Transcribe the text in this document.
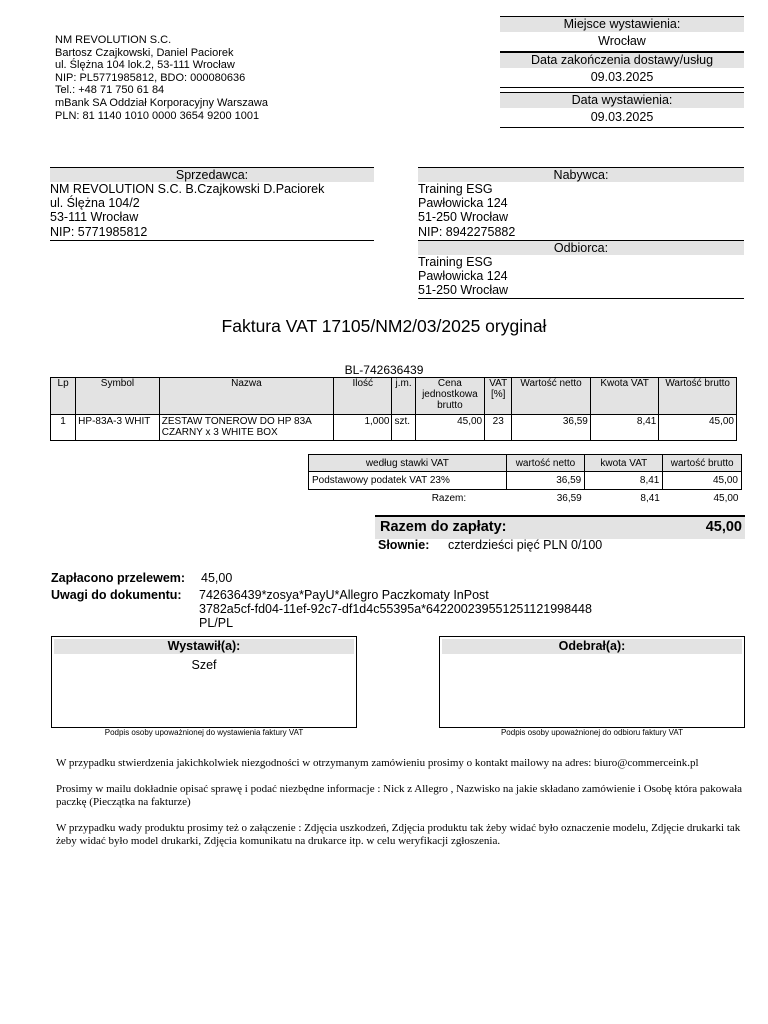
NM REVOLUTION S.C.
Bartosz Czajkowski, Daniel Paciorek
ul. Ślężna 104 lok.2, 53-111 Wrocław
NIP: PL5771985812, BDO: 000080636
Tel.: +48 71 750 61 84
mBank SA Oddział Korporacyjny Warszawa
PLN: 81 1140 1010 0000 3654 9200 1001
Miejsce wystawienia:
Wrocław
Data zakończenia dostawy/usług
09.03.2025
Data wystawienia:
09.03.2025
Sprzedawca:
NM REVOLUTION S.C. B.Czajkowski D.Paciorek
ul. Ślężna 104/2
53-111 Wrocław
NIP: 5771985812
Nabywca:
Training ESG
Pawłowicka 124
51-250 Wrocław
NIP: 8942275882
Odbiorca:
Training ESG
Pawłowicka 124
51-250 Wrocław
Faktura VAT 17105/NM2/03/2025 oryginał
BL-742636439
Lp	Symbol	Nazwa	Ilość	j.m.	Cena jednostkowa brutto	VAT [%]	Wartość netto	Kwota VAT	Wartość brutto
1	HP-83A-3 WHIT	ZESTAW TONEROW DO HP 83A CZARNY x 3 WHITE BOX	1,000	szt.	45,00	23	36,59	8,41	45,00
według stawki VAT	wartość netto	kwota VAT	wartość brutto
Podstawowy podatek VAT 23%	36,59	8,41	45,00
Razem:	36,59	8,41	45,00
Razem do zapłaty:	45,00
Słownie: czterdzieści pięć PLN 0/100
Zapłacono przelewem: 45,00
Uwagi do dokumentu: 742636439*zosya*PayU*Allegro Paczkomaty InPost
3782a5cf-fd04-11ef-92c7-df1d4c55395a*6422002395512511219984​48
PL/PL
Wystawił(a):
Szef
Podpis osoby upoważnionej do wystawienia faktury VAT
Odebrał(a):
Podpis osoby upoważnionej do odbioru faktury VAT
W przypadku stwierdzenia jakichkolwiek niezgodności w otrzymanym zamówieniu prosimy o kontakt mailowy na adres: biuro@commerceink.pl
Prosimy w mailu dokładnie opisać sprawę i podać niezbędne informacje : Nick z Allegro , Nazwisko na jakie składano zamówienie i Osobę która pakowała paczkę (Pieczątka na fakturze)
W przypadku wady produktu prosimy też o załączenie : Zdjęcia uszkodzeń, Zdjęcia produktu tak żeby widać było oznaczenie modelu, Zdjęcie drukarki tak żeby widać było model drukarki, Zdjęcia komunikatu na drukarce itp. w celu weryfikacji zgłoszenia.
